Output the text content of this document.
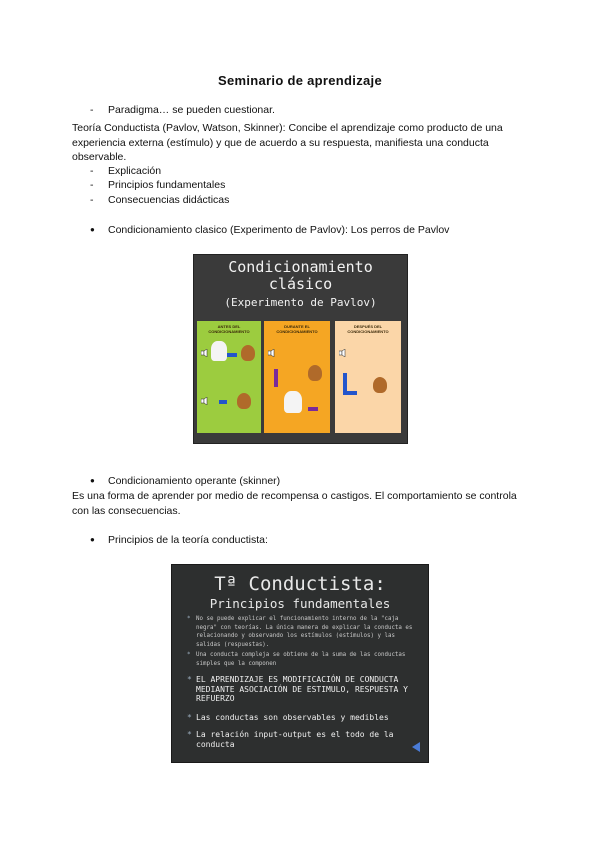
Seminario de aprendizaje
- Paradigma… se pueden cuestionar.
Teoría Conductista (Pavlov, Watson, Skinner): Concibe el aprendizaje como producto de una experiencia externa (estímulo) y que de acuerdo a su respuesta, manifiesta una conducta observable.
- Explicación
- Principios fundamentales
- Consecuencias didácticas
● Condicionamiento clasico (Experimento de Pavlov): Los perros de Pavlov
Condicionamiento
clásico
(Experimento de Pavlov)
ANTES DEL CONDICIONAMIENTO
DURANTE EL CONDICIONAMIENTO
DESPUÉS DEL CONDICIONAMIENTO
● Condicionamiento operante (skinner)
Es una forma de aprender por medio de recompensa o castigos. El comportamiento se controla con las consecuencias.
● Principios de la teoría conductista:
Tª Conductista:
Principios fundamentales
* No se puede explicar el funcionamiento interno de la "caja negra" con teorías. La única manera de explicar la conducta es relacionando y observando los estímulos (estímulos) y las salidas (respuestas).
* Una conducta compleja se obtiene de la suma de las conductas simples que la componen
* EL APRENDIZAJE ES MODIFICACIÓN DE CONDUCTA MEDIANTE ASOCIACIÓN DE ESTIMULO, RESPUESTA Y REFUERZO
* Las conductas son observables y medibles
* La relación input-output es el todo de la conducta
